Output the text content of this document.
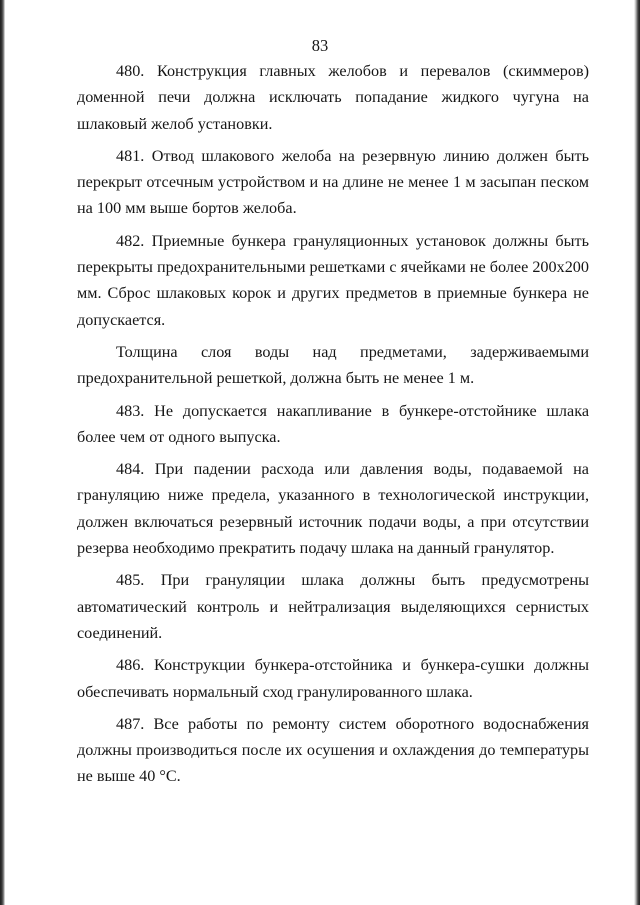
83

480. Конструкция главных желобов и перевалов (скиммеров) доменной печи должна исключать попадание жидкого чугуна на шлаковый желоб установки.

481. Отвод шлакового желоба на резервную линию должен быть перекрыт отсечным устройством и на длине не менее 1 м засыпан песком на 100 мм выше бортов желоба.

482. Приемные бункера грануляционных установок должны быть перекрыты предохранительными решетками с ячейками не более 200x200 мм. Сброс шлаковых корок и других предметов в приемные бункера не допускается.

Толщина слоя воды над предметами, задерживаемыми предохранительной решеткой, должна быть не менее 1 м.

483. Не допускается накапливание в бункере-отстойнике шлака более чем от одного выпуска.

484. При падении расхода или давления воды, подаваемой на грануляцию ниже предела, указанного в технологической инструкции, должен включаться резервный источник подачи воды, а при отсутствии резерва необходимо прекратить подачу шлака на данный гранулятор.

485. При грануляции шлака должны быть предусмотрены автоматический контроль и нейтрализация выделяющихся сернистых соединений.

486. Конструкции бункера-отстойника и бункера-сушки должны обеспечивать нормальный сход гранулированного шлака.

487. Все работы по ремонту систем оборотного водоснабжения должны производиться после их осушения и охлаждения до температуры не выше 40 °С.
